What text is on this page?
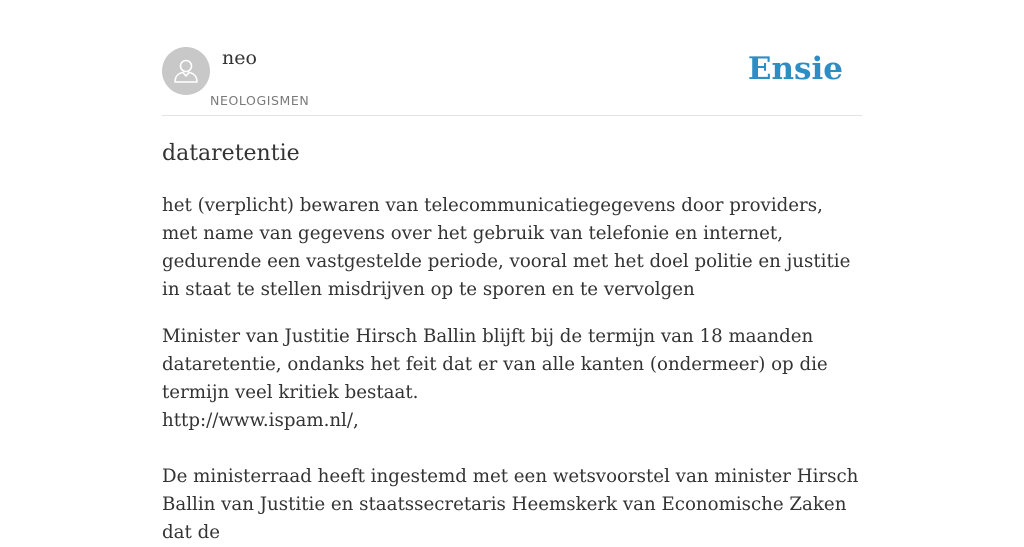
neo
NEOLOGISMEN
Ensie
dataretentie

het (verplicht) bewaren van telecommunicatiegegevens door providers, met name van gegevens over het gebruik van telefonie en internet, gedurende een vastgestelde periode, vooral met het doel politie en justitie in staat te stellen misdrijven op te sporen en te vervolgen

Minister van Justitie Hirsch Ballin blijft bij de termijn van 18 maanden dataretentie, ondanks het feit dat er van alle kanten (ondermeer) op die termijn veel kritiek bestaat.
http://www.ispam.nl/,
De ministerraad heeft ingestemd met een wetsvoorstel van minister Hirsch Ballin van Justitie en staatssecretaris Heemskerk van Economische Zaken dat de
